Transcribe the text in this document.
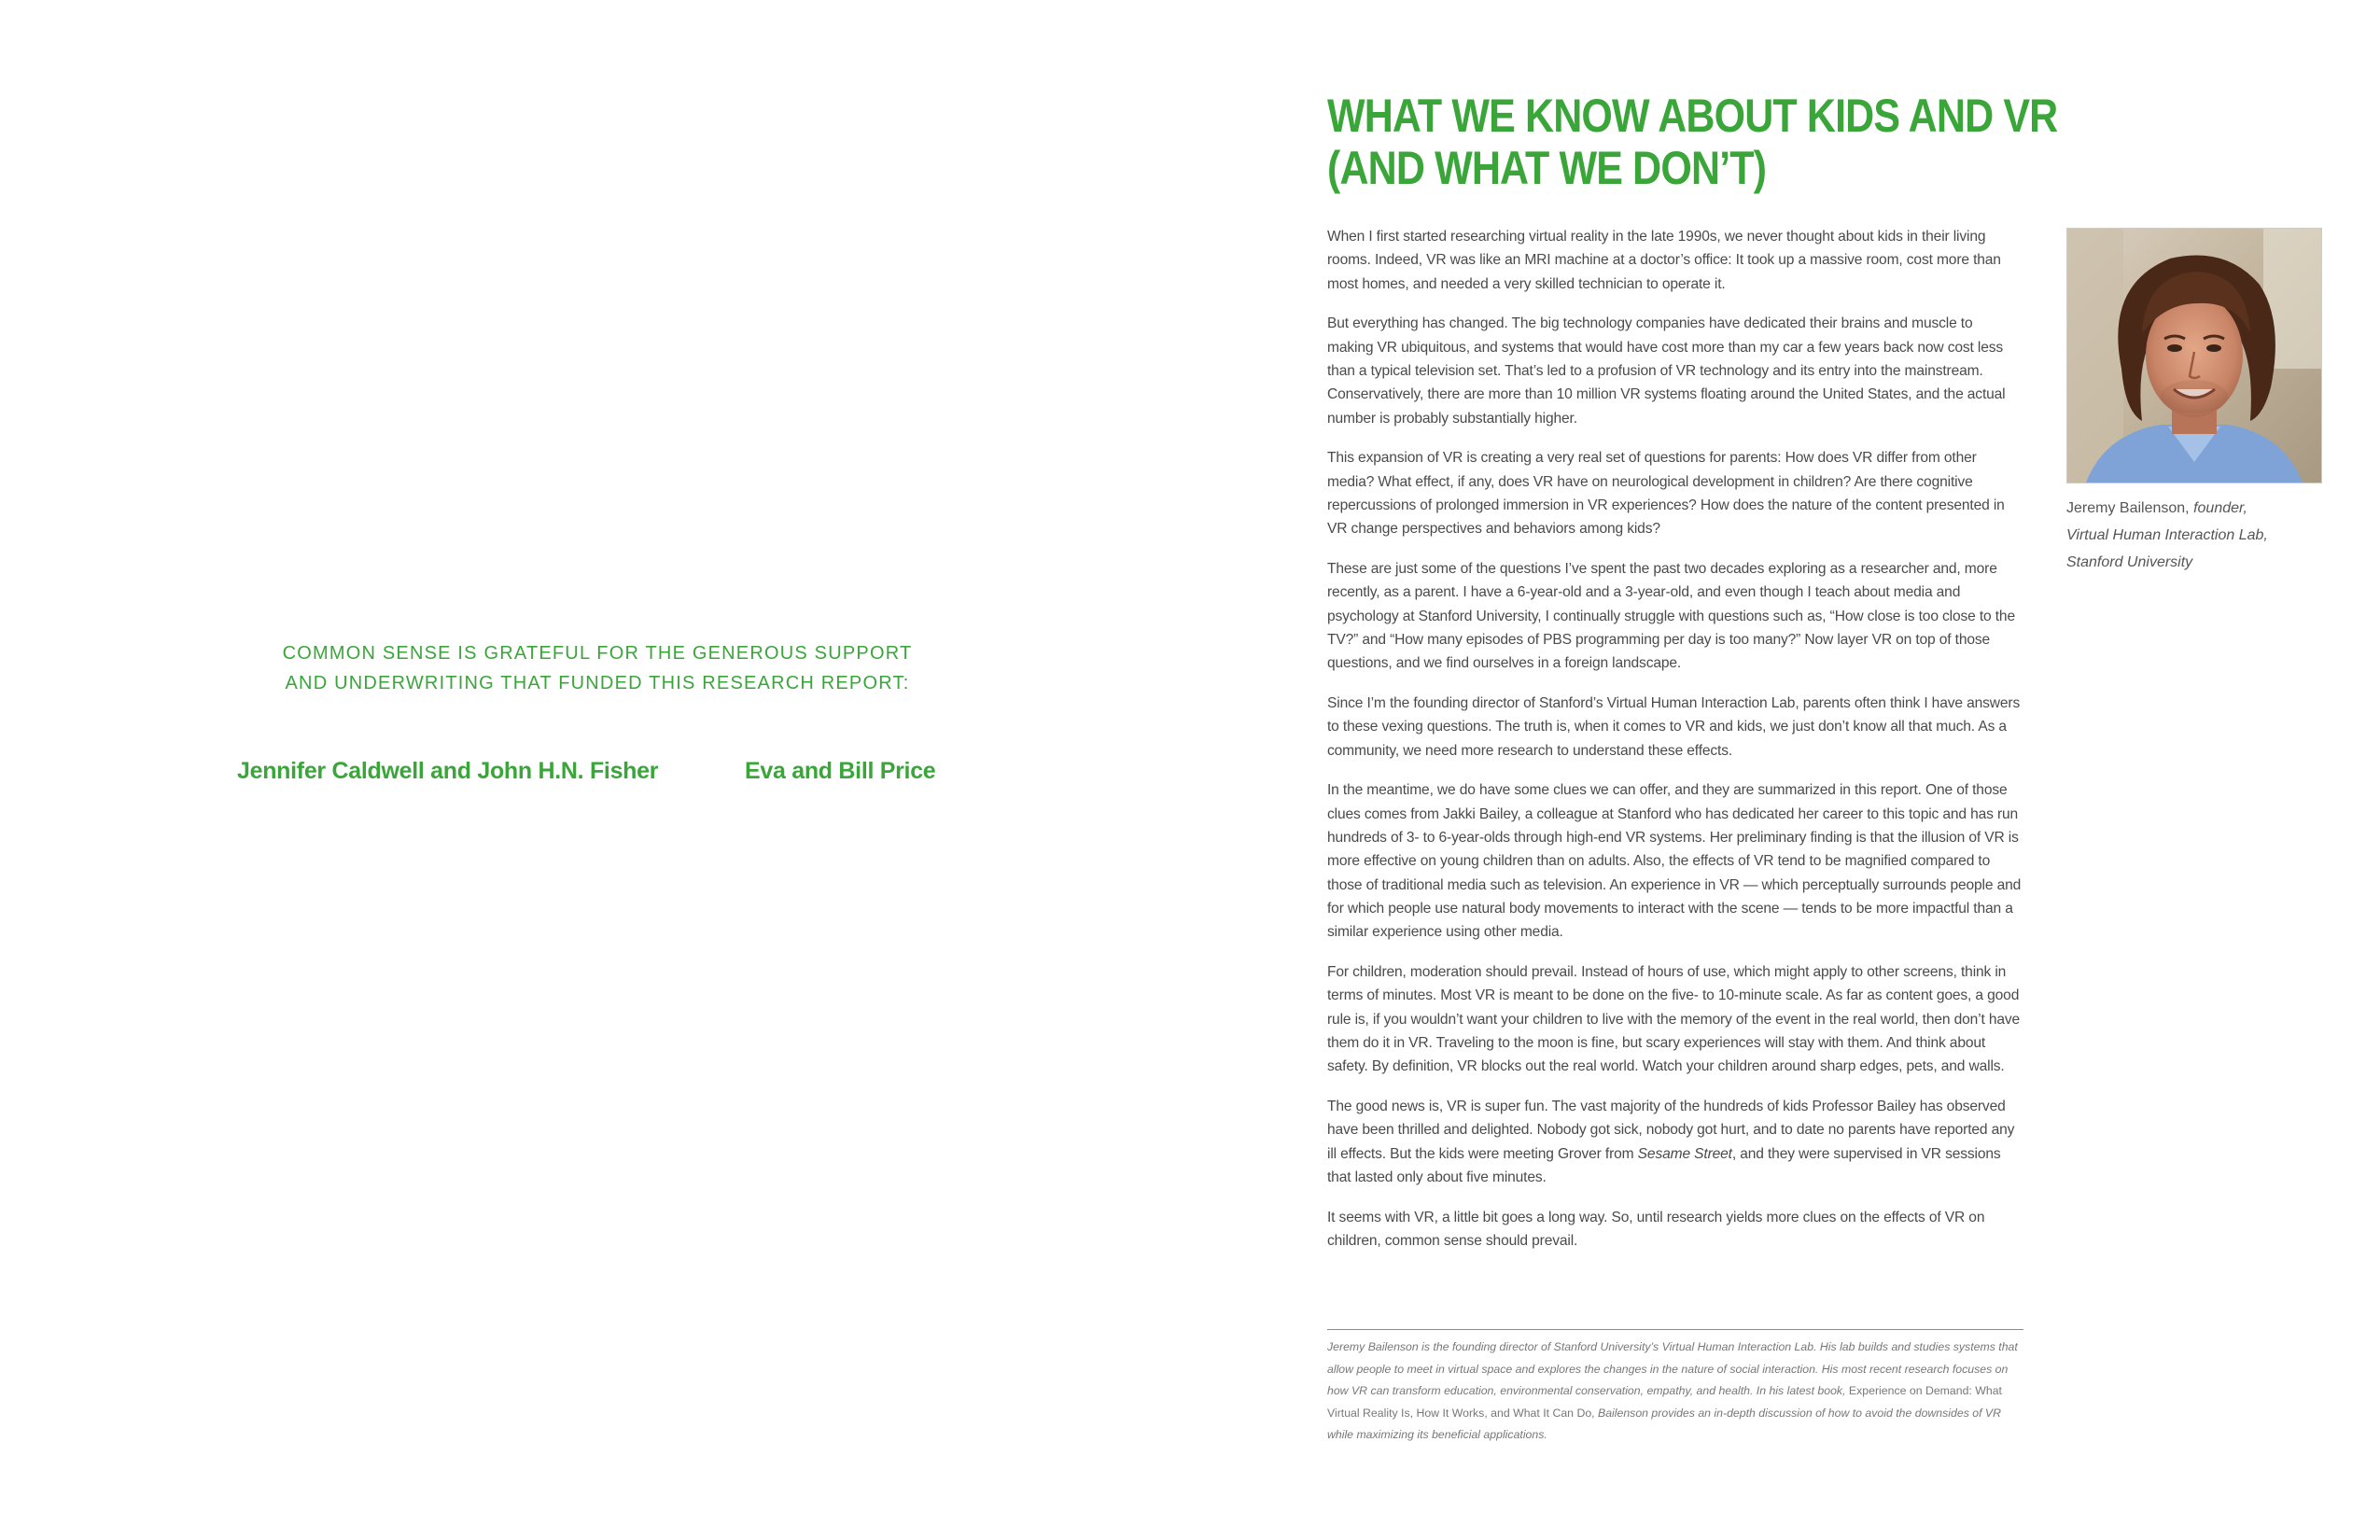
COMMON SENSE IS GRATEFUL FOR THE GENEROUS SUPPORT
AND UNDERWRITING THAT FUNDED THIS RESEARCH REPORT:
Jennifer Caldwell and John H.N. Fisher	Eva and Bill Price
WHAT WE KNOW ABOUT KIDS AND VR
(AND WHAT WE DON’T)

When I first started researching virtual reality in the late 1990s, we never thought about kids in their living rooms. Indeed, VR was like an MRI machine at a doctor’s office: It took up a massive room, cost more than most homes, and needed a very skilled technician to operate it.

But everything has changed. The big technology companies have dedicated their brains and muscle to making VR ubiquitous, and systems that would have cost more than my car a few years back now cost less than a typical television set. That’s led to a profusion of VR technology and its entry into the mainstream. Conservatively, there are more than 10 million VR systems floating around the United States, and the actual number is probably substantially higher.

This expansion of VR is creating a very real set of questions for parents: How does VR differ from other media? What effect, if any, does VR have on neurological development in children? Are there cognitive repercussions of prolonged immersion in VR experiences? How does the nature of the content presented in VR change perspectives and behaviors among kids?

These are just some of the questions I’ve spent the past two decades exploring as a researcher and, more recently, as a parent. I have a 6-year-old and a 3-year-old, and even though I teach about media and psychology at Stanford University, I continually struggle with questions such as, “How close is too close to the TV?” and “How many episodes of PBS programming per day is too many?” Now layer VR on top of those questions, and we find ourselves in a foreign landscape.

Since I’m the founding director of Stanford’s Virtual Human Interaction Lab, parents often think I have answers to these vexing questions. The truth is, when it comes to VR and kids, we just don’t know all that much. As a community, we need more research to understand these effects.

In the meantime, we do have some clues we can offer, and they are summarized in this report. One of those clues comes from Jakki Bailey, a colleague at Stanford who has dedicated her career to this topic and has run hundreds of 3- to 6-year-olds through high-end VR systems. Her preliminary finding is that the illusion of VR is more effective on young children than on adults. Also, the effects of VR tend to be magnified compared to those of traditional media such as television. An experience in VR — which perceptually surrounds people and for which people use natural body movements to interact with the scene — tends to be more impactful than a similar experience using other media.

For children, moderation should prevail. Instead of hours of use, which might apply to other screens, think in terms of minutes. Most VR is meant to be done on the five- to 10-minute scale. As far as content goes, a good rule is, if you wouldn’t want your children to live with the memory of the event in the real world, then don’t have them do it in VR. Traveling to the moon is fine, but scary experiences will stay with them. And think about safety. By definition, VR blocks out the real world. Watch your children around sharp edges, pets, and walls.

The good news is, VR is super fun. The vast majority of the hundreds of kids Professor Bailey has observed have been thrilled and delighted. Nobody got sick, nobody got hurt, and to date no parents have reported any ill effects. But the kids were meeting Grover from Sesame Street, and they were supervised in VR sessions that lasted only about five minutes.

It seems with VR, a little bit goes a long way. So, until research yields more clues on the effects of VR on children, common sense should prevail.

Jeremy Bailenson, founder,
Virtual Human Interaction Lab,
Stanford University
Jeremy Bailenson is the founding director of Stanford University’s Virtual Human Interaction Lab. His lab builds and studies systems that allow people to meet in virtual space and explores the changes in the nature of social interaction. His most recent research focuses on how VR can transform education, environmental conservation, empathy, and health. In his latest book, Experience on Demand: What Virtual Reality Is, How It Works, and What It Can Do, Bailenson provides an in-depth discussion of how to avoid the downsides of VR while maximizing its beneficial applications.
